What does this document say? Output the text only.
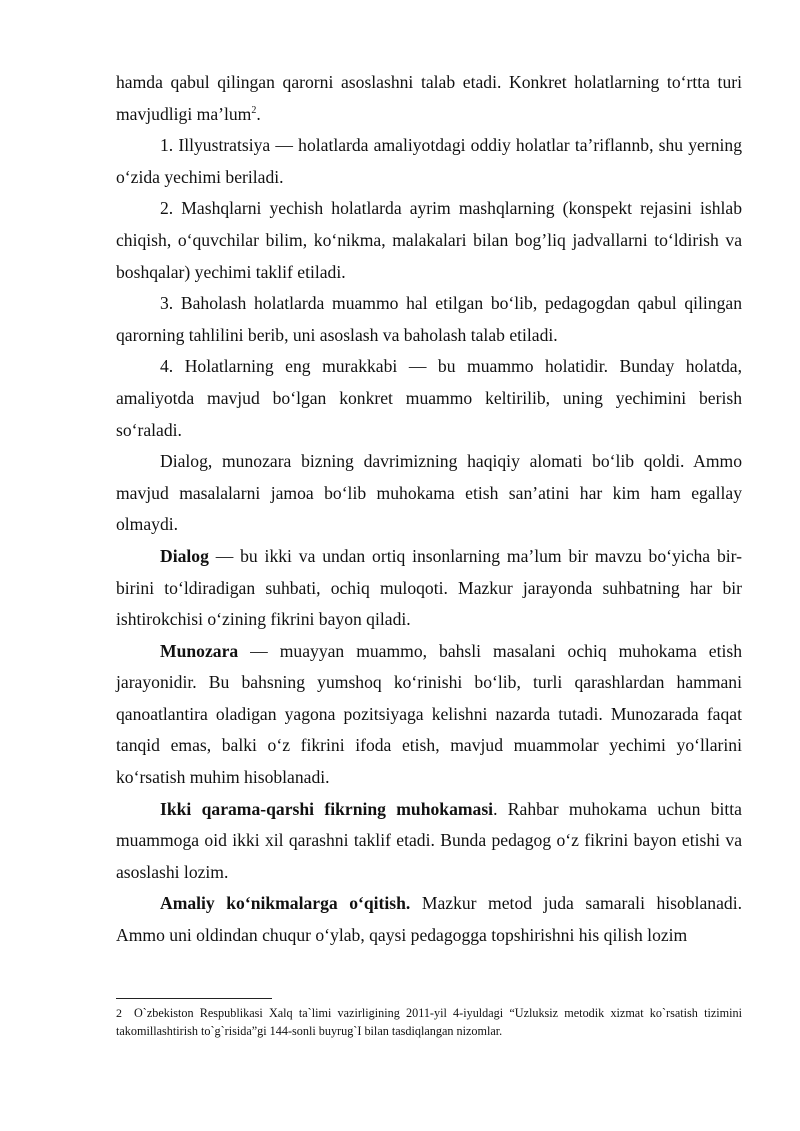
hamda qabul qilingan qarorni asoslashni talab etadi. Konkret holatlarning to‘rtta turi mavjudligi ma’lum$^2$.

1. Illyustratsiya — holatlarda amaliyotdagi oddiy holatlar ta’riflannb, shu yerning o‘zida yechimi beriladi.

2. Mashqlarni yechish holatlarda ayrim mashqlarning (konspekt rejasini ishlab chiqish, o‘quvchilar bilim, ko‘nikma, malakalari bilan bog’liq jadvallarni to‘ldirish va boshqalar) yechimi taklif etiladi.

3. Baholash holatlarda muammo hal etilgan bo‘lib, pedagogdan qabul qilingan qarorning tahlilini berib, uni asoslash va baholash talab etiladi.

4. Holatlarning eng murakkabi — bu muammo holatidir. Bunday holatda, amaliyotda mavjud bo‘lgan konkret muammo keltirilib, uning yechimini berish so‘raladi.

Dialog, munozara bizning davrimizning haqiqiy alomati bo‘lib qoldi. Ammo mavjud masalalarni jamoa bo‘lib muhokama etish san’atini har kim ham egallay olmaydi.

Dialog — bu ikki va undan ortiq insonlarning ma’lum bir mavzu bo‘yicha bir-birini to‘ldiradigan suhbati, ochiq muloqoti. Mazkur jarayonda suhbatning har bir ishtirokchisi o‘zining fikrini bayon qiladi.

Munozara — muayyan muammo, bahsli masalani ochiq muhokama etish jarayonidir. Bu bahsning yumshoq ko‘rinishi bo‘lib, turli qarashlardan hammani qanoatlantira oladigan yagona pozitsiyaga kelishni nazarda tutadi. Munozarada faqat tanqid emas, balki o‘z fikrini ifoda etish, mavjud muammolar yechimi yo‘llarini ko‘rsatish muhim hisoblanadi.

Ikki qarama-qarshi fikrning muhokamasi. Rahbar muhokama uchun bitta muammoga oid ikki xil qarashni taklif etadi. Bunda pedagog o‘z fikrini bayon etishi va asoslashi lozim.

Amaliy ko‘nikmalarga o‘qitish. Mazkur metod juda samarali hisoblanadi. Ammo uni oldindan chuqur o‘ylab, qaysi pedagogga topshirishni his qilish lozim

2 O`zbekiston Respublikasi Xalq ta`limi vazirligining 2011-yil 4-iyuldagi “Uzluksiz metodik xizmat ko`rsatish tizimini takomillashtirish to`g`risida”gi 144-sonli buyrug`I bilan tasdiqlangan nizomlar.
